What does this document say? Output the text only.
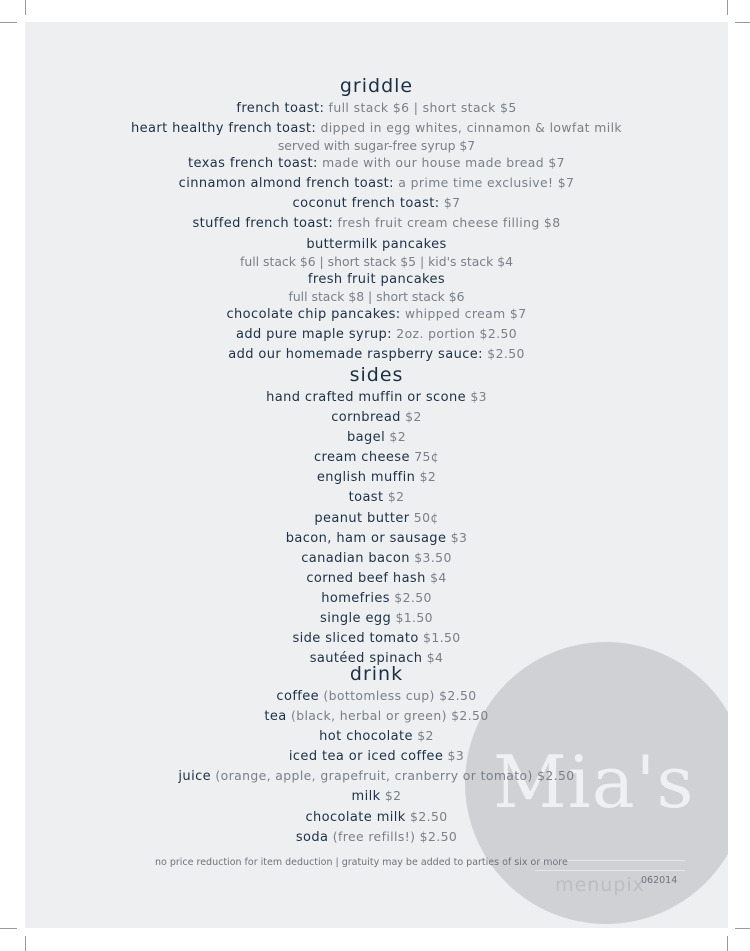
Mia's
menupix
griddle
french toast: full stack $6 | short stack $5
heart healthy french toast: dipped in egg whites, cinnamon & lowfat milk
served with sugar-free syrup $7
texas french toast: made with our house made bread $7
cinnamon almond french toast: a prime time exclusive! $7
coconut french toast: $7
stuffed french toast: fresh fruit cream cheese filling $8
buttermilk pancakes
full stack $6 | short stack $5 | kid's stack $4
fresh fruit pancakes
full stack $8 | short stack $6
chocolate chip pancakes: whipped cream $7
add pure maple syrup: 2oz. portion $2.50
add our homemade raspberry sauce: $2.50
sides
hand crafted muffin or scone $3
cornbread $2
bagel $2
cream cheese 75¢
english muffin $2
toast $2
peanut butter 50¢
bacon, ham or sausage $3
canadian bacon $3.50
corned beef hash $4
homefries $2.50
single egg $1.50
side sliced tomato $1.50
sautéed spinach $4
drink
coffee (bottomless cup) $2.50
tea (black, herbal or green) $2.50
hot chocolate $2
iced tea or iced coffee $3
juice (orange, apple, grapefruit, cranberry or tomato) $2.50
milk $2
chocolate milk $2.50
soda (free refills!) $2.50
no price reduction for item deduction | gratuity may be added to parties of six or more
062014
